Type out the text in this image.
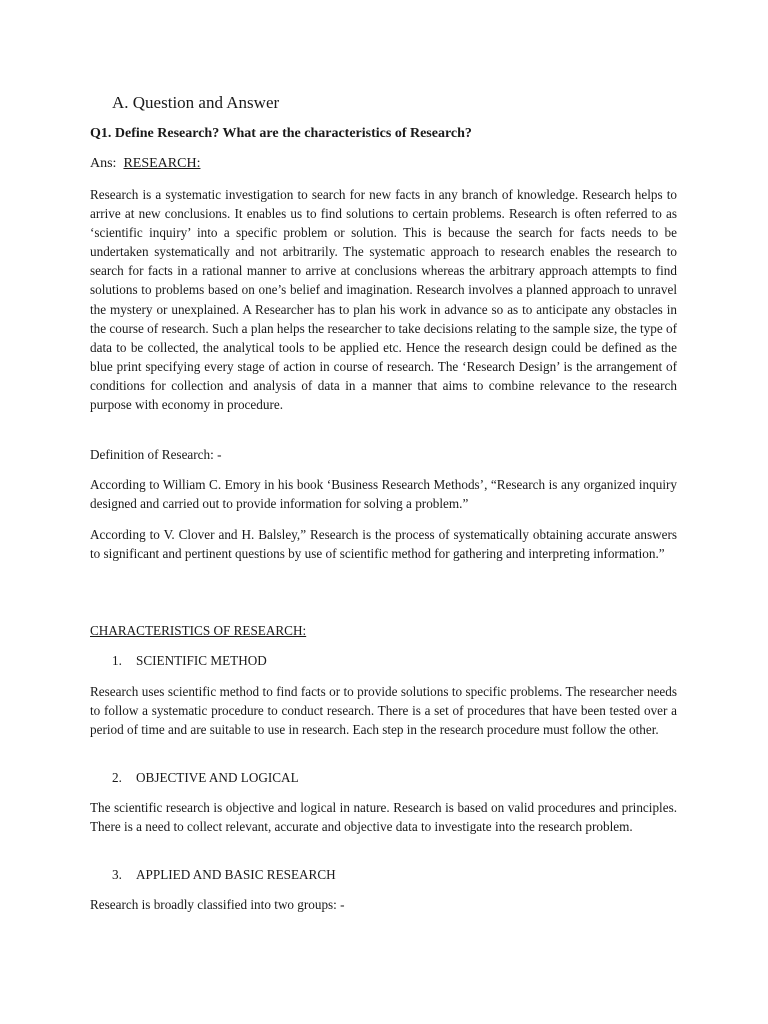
A. Question and Answer

Q1. Define Research? What are the characteristics of Research?

Ans: RESEARCH:

Research is a systematic investigation to search for new facts in any branch of knowledge. Research helps to arrive at new conclusions. It enables us to find solutions to certain problems. Research is often referred to as ‘scientific inquiry’ into a specific problem or solution. This is because the search for facts needs to be undertaken systematically and not arbitrarily. The systematic approach to research enables the research to search for facts in a rational manner to arrive at conclusions whereas the arbitrary approach attempts to find solutions to problems based on one’s belief and imagination. Research involves a planned approach to unravel the mystery or unexplained. A Researcher has to plan his work in advance so as to anticipate any obstacles in the course of research. Such a plan helps the researcher to take decisions relating to the sample size, the type of data to be collected, the analytical tools to be applied etc. Hence the research design could be defined as the blue print specifying every stage of action in course of research. The ‘Research Design’ is the arrangement of conditions for collection and analysis of data in a manner that aims to combine relevance to the research purpose with economy in procedure.

Definition of Research: -

According to William C. Emory in his book ‘Business Research Methods’, “Research is any organized inquiry designed and carried out to provide information for solving a problem.”

According to V. Clover and H. Balsley,” Research is the process of systematically obtaining accurate answers to significant and pertinent questions by use of scientific method for gathering and interpreting information.”

CHARACTERISTICS OF RESEARCH:

1. SCIENTIFIC METHOD

Research uses scientific method to find facts or to provide solutions to specific problems. The researcher needs to follow a systematic procedure to conduct research. There is a set of procedures that have been tested over a period of time and are suitable to use in research. Each step in the research procedure must follow the other.

2. OBJECTIVE AND LOGICAL

The scientific research is objective and logical in nature. Research is based on valid procedures and principles. There is a need to collect relevant, accurate and objective data to investigate into the research problem.

3. APPLIED AND BASIC RESEARCH

Research is broadly classified into two groups: -
